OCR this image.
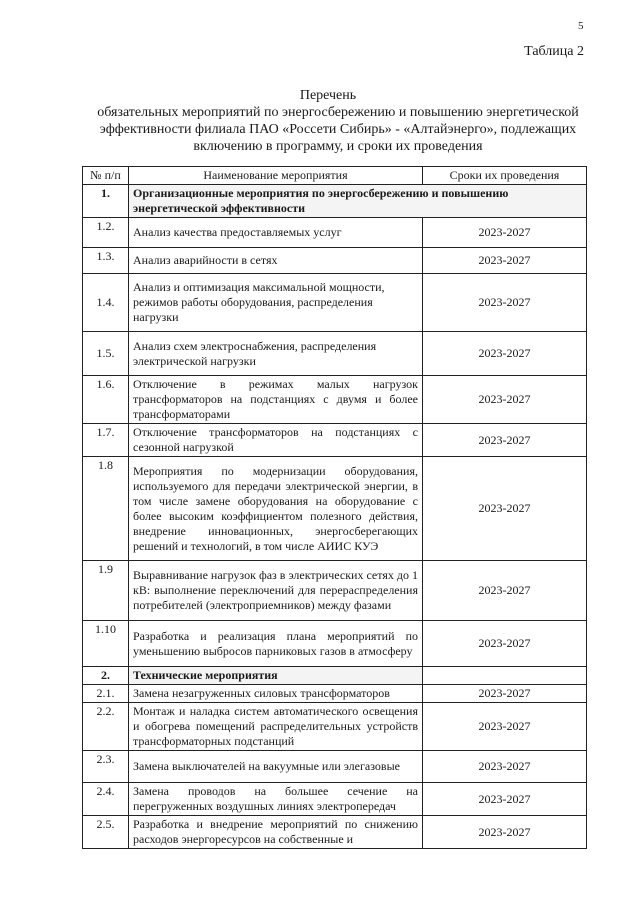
5
Таблица 2
Перечень
обязательных мероприятий по энергосбережению и повышению энергетической эффективности филиала ПАО «Россети Сибирь» - «Алтайэнерго», подлежащих включению в программу, и сроки их проведения
№ п/п	Наименование мероприятия	Сроки их проведения
1.	Организационные мероприятия по энергосбережению и повышению энергетической эффективности	
1.2.	Анализ качества предоставляемых услуг	2023-2027
1.3.	Анализ аварийности в сетях	2023-2027
1.4.	Анализ и оптимизация максимальной мощности, режимов работы оборудования, распределения нагрузки	2023-2027
1.5.	Анализ схем электроснабжения, распределения электрической нагрузки	2023-2027
1.6.	Отключение в режимах малых нагрузок трансформаторов на подстанциях с двумя и более трансформаторами	2023-2027
1.7.	Отключение трансформаторов на подстанциях с сезонной нагрузкой	2023-2027
1.8	Мероприятия по модернизации оборудования, используемого для передачи электрической энергии, в том числе замене оборудования на оборудование с более высоким коэффициентом полезного действия, внедрение инновационных, энергосберегающих решений и технологий, в том числе АИИС КУЭ	2023-2027
1.9	Выравнивание нагрузок фаз в электрических сетях до 1 кВ: выполнение переключений для перераспределения потребителей (электроприемников) между фазами	2023-2027
1.10	Разработка и реализация плана мероприятий по уменьшению выбросов парниковых газов в атмосферу	2023-2027
2.	Технические мероприятия	
2.1.	Замена незагруженных силовых трансформаторов	2023-2027
2.2.	Монтаж и наладка систем автоматического освещения и обогрева помещений распределительных устройств трансформаторных подстанций	2023-2027
2.3.	Замена выключателей на вакуумные или элегазовые	2023-2027
2.4.	Замена проводов на большее сечение на перегруженных воздушных линиях электропередач	2023-2027
2.5.	Разработка и внедрение мероприятий по снижению расходов энергоресурсов на собственные и	2023-2027
